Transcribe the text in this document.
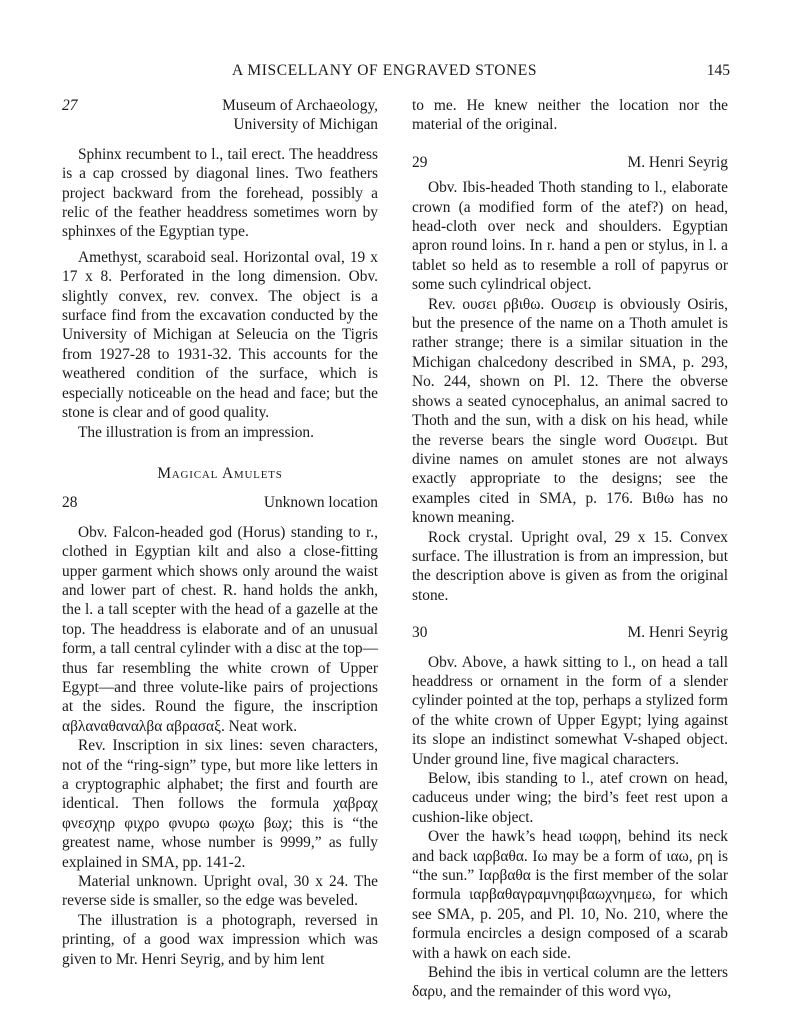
A MISCELLANY OF ENGRAVED STONES	145
27	Museum of Archaeology,
University of Michigan

Sphinx recumbent to l., tail erect. The headdress is a cap crossed by diagonal lines. Two feathers project backward from the forehead, possibly a relic of the feather headdress sometimes worn by sphinxes of the Egyptian type.

Amethyst, scaraboid seal. Horizontal oval, 19 x 17 x 8. Perforated in the long dimension. Obv. slightly convex, rev. convex. The object is a surface find from the excavation conducted by the University of Michigan at Seleucia on the Tigris from 1927-28 to 1931-32. This accounts for the weathered condition of the surface, which is especially noticeable on the head and face; but the stone is clear and of good quality.

The illustration is from an impression.

Magical Amulets
28	Unknown location

Obv. Falcon-headed god (Horus) standing to r., clothed in Egyptian kilt and also a close-fitting upper garment which shows only around the waist and lower part of chest. R. hand holds the ankh, the l. a tall scepter with the head of a gazelle at the top. The headdress is elaborate and of an unusual form, a tall central cylinder with a disc at the top—thus far resembling the white crown of Upper Egypt—and three volute-like pairs of projections at the sides. Round the figure, the inscription αβλαναθαναλβα αβρασαξ. Neat work.

Rev. Inscription in six lines: seven characters, not of the “ring-sign” type, but more like letters in a cryptographic alphabet; the first and fourth are identical. Then follows the formula χαβραχ φνεσχηρ φιχρο φνυρω φωχω βωχ; this is “the greatest name, whose number is 9999,” as fully explained in SMA, pp. 141-2.

Material unknown. Upright oval, 30 x 24. The reverse side is smaller, so the edge was beveled.

The illustration is a photograph, reversed in printing, of a good wax impression which was given to Mr. Henri Seyrig, and by him lent

to me. He knew neither the location nor the material of the original.

29	M. Henri Seyrig

Obv. Ibis-headed Thoth standing to l., elaborate crown (a modified form of the atef?) on head, head-cloth over neck and shoulders. Egyptian apron round loins. In r. hand a pen or stylus, in l. a tablet so held as to resemble a roll of papyrus or some such cylindrical object.

Rev. ουσει ρβιθω. Ουσειρ is obviously Osiris, but the presence of the name on a Thoth amulet is rather strange; there is a similar situation in the Michigan chalcedony described in SMA, p. 293, No. 244, shown on Pl. 12. There the obverse shows a seated cynocephalus, an animal sacred to Thoth and the sun, with a disk on his head, while the reverse bears the single word Ουσειρι. But divine names on amulet stones are not always exactly appropriate to the designs; see the examples cited in SMA, p. 176. Βιθω has no known meaning.

Rock crystal. Upright oval, 29 x 15. Convex surface. The illustration is from an impression, but the description above is given as from the original stone.

30	M. Henri Seyrig

Obv. Above, a hawk sitting to l., on head a tall headdress or ornament in the form of a slender cylinder pointed at the top, perhaps a stylized form of the white crown of Upper Egypt; lying against its slope an indistinct somewhat V-shaped object. Under ground line, five magical characters.

Below, ibis standing to l., atef crown on head, caduceus under wing; the bird’s feet rest upon a cushion-like object.

Over the hawk’s head ιωφρη, behind its neck and back ιαρβαθα. Ιω may be a form of ιαω, ρη is “the sun.” Ιαρβαθα is the first member of the solar formula ιαρβαθαγραμνηφιβαωχνημεω, for which see SMA, p. 205, and Pl. 10, No. 210, where the formula encircles a design composed of a scarab with a hawk on each side.

Behind the ibis in vertical column are the letters δαρυ, and the remainder of this word νγω,
